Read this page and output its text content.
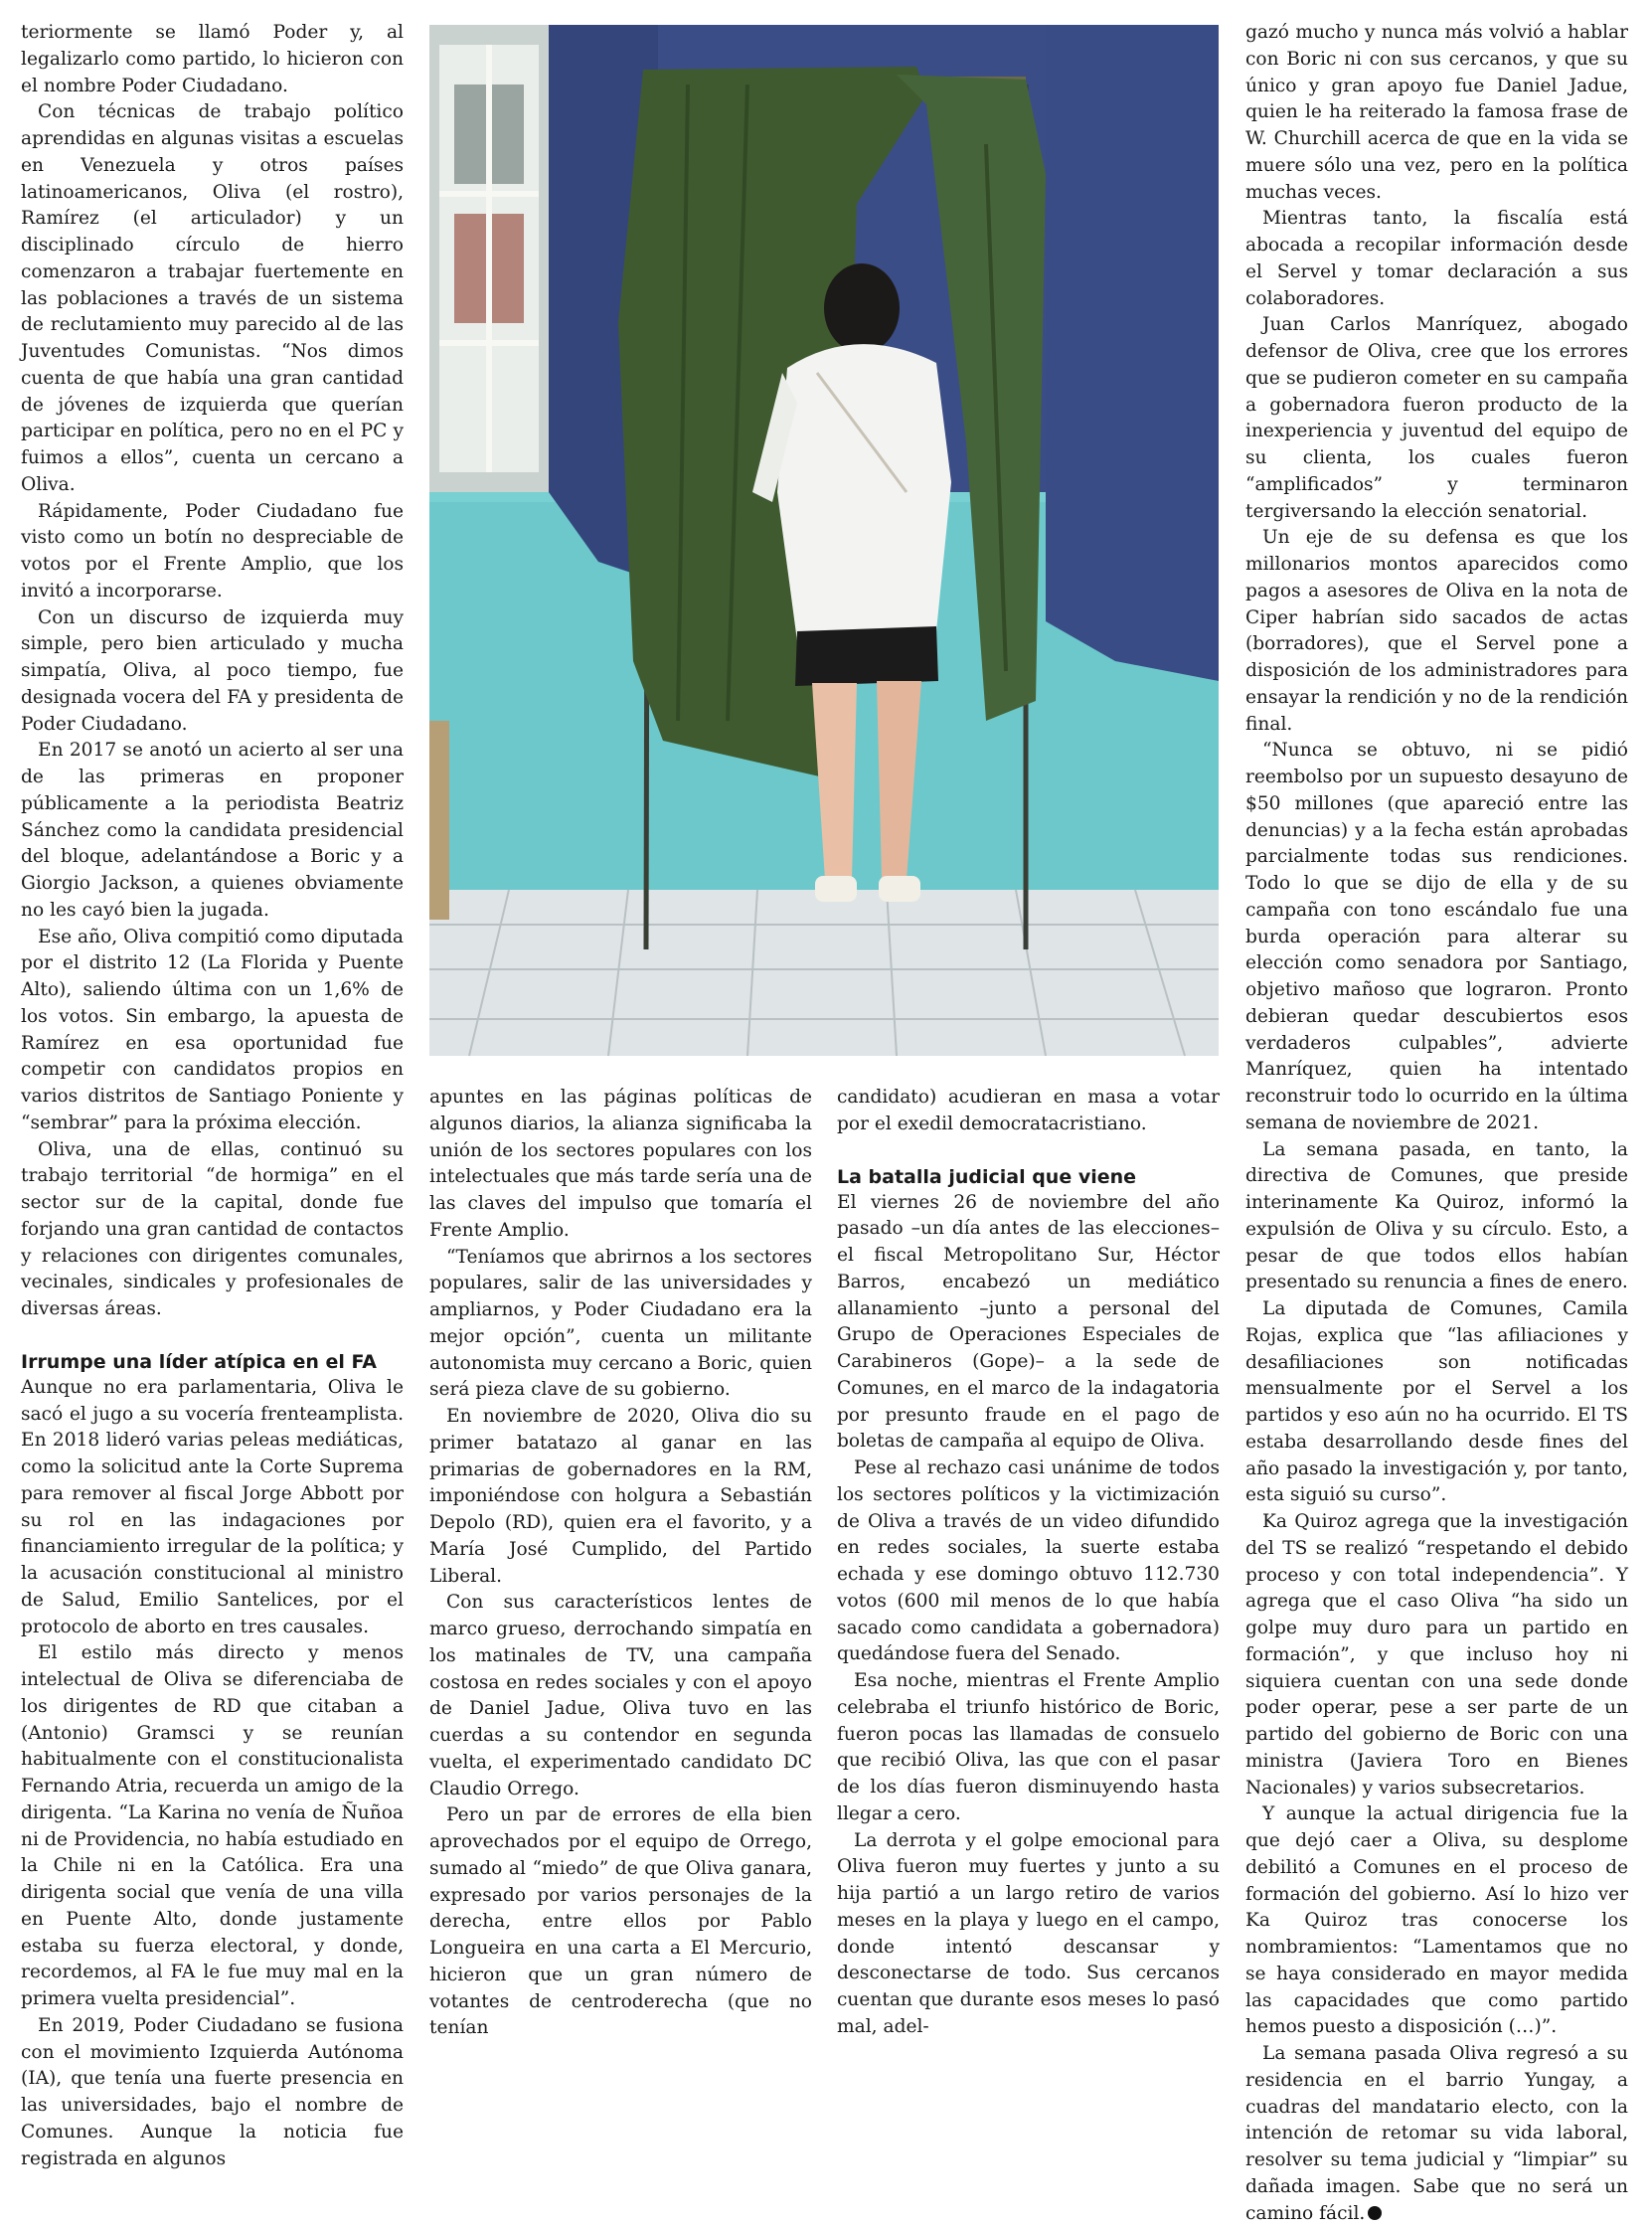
teriormente se llamó Poder y, al legalizarlo como partido, lo hicieron con el nombre Poder Ciudadano.

Con técnicas de trabajo político aprendidas en algunas visitas a escuelas en Venezuela y otros países latinoamericanos, Oliva (el rostro), Ramírez (el articulador) y un disciplinado círculo de hierro comenzaron a trabajar fuertemente en las poblaciones a través de un sistema de reclutamiento muy parecido al de las Juventudes Comunistas. “Nos dimos cuenta de que había una gran cantidad de jóvenes de izquierda que querían participar en política, pero no en el PC y fuimos a ellos”, cuenta un cercano a Oliva.

Rápidamente, Poder Ciudadano fue visto como un botín no despreciable de votos por el Frente Amplio, que los invitó a incorporarse.

Con un discurso de izquierda muy simple, pero bien articulado y mucha simpatía, Oliva, al poco tiempo, fue designada vocera del FA y presidenta de Poder Ciudadano.

En 2017 se anotó un acierto al ser una de las primeras en proponer públicamente a la periodista Beatriz Sánchez como la candidata presidencial del bloque, adelantándose a Boric y a Giorgio Jackson, a quienes obviamente no les cayó bien la jugada.

Ese año, Oliva compitió como diputada por el distrito 12 (La Florida y Puente Alto), saliendo última con un 1,6% de los votos. Sin embargo, la apuesta de Ramírez en esa oportunidad fue competir con candidatos propios en varios distritos de Santiago Poniente y “sembrar” para la próxima elección.

Oliva, una de ellas, continuó su trabajo territorial “de hormiga” en el sector sur de la capital, donde fue forjando una gran cantidad de contactos y relaciones con dirigentes comunales, vecinales, sindicales y profesionales de diversas áreas.

Irrumpe una líder atípica en el FA

Aunque no era parlamentaria, Oliva le sacó el jugo a su vocería frenteamplista. En 2018 lideró varias peleas mediáticas, como la solicitud ante la Corte Suprema para remover al fiscal Jorge Abbott por su rol en las indagaciones por financiamiento irregular de la política; y la acusación constitucional al ministro de Salud, Emilio Santelices, por el protocolo de aborto en tres causales.

El estilo más directo y menos intelectual de Oliva se diferenciaba de los dirigentes de RD que citaban a (Antonio) Gramsci y se reunían habitualmente con el constitucionalista Fernando Atria, recuerda un amigo de la dirigenta. “La Karina no venía de Ñuñoa ni de Providencia, no había estudiado en la Chile ni en la Católica. Era una dirigenta social que venía de una villa en Puente Alto, donde justamente estaba su fuerza electoral, y donde, recordemos, al FA le fue muy mal en la primera vuelta presidencial”.

En 2019, Poder Ciudadano se fusiona con el movimiento Izquierda Autónoma (IA), que tenía una fuerte presencia en las universidades, bajo el nombre de Comunes. Aunque la noticia fue registrada en algunos

apuntes en las páginas políticas de algunos diarios, la alianza significaba la unión de los sectores populares con los intelectuales que más tarde sería una de las claves del impulso que tomaría el Frente Amplio.

“Teníamos que abrirnos a los sectores populares, salir de las universidades y ampliarnos, y Poder Ciudadano era la mejor opción”, cuenta un militante autonomista muy cercano a Boric, quien será pieza clave de su gobierno.

En noviembre de 2020, Oliva dio su primer batatazo al ganar en las primarias de gobernadores en la RM, imponiéndose con holgura a Sebastián Depolo (RD), quien era el favorito, y a María José Cumplido, del Partido Liberal.

Con sus característicos lentes de marco grueso, derrochando simpatía en los matinales de TV, una campaña costosa en redes sociales y con el apoyo de Daniel Jadue, Oliva tuvo en las cuerdas a su contendor en segunda vuelta, el experimentado candidato DC Claudio Orrego.

Pero un par de errores de ella bien aprovechados por el equipo de Orrego, sumado al “miedo” de que Oliva ganara, expresado por varios personajes de la derecha, entre ellos por Pablo Longueira en una carta a El Mercurio, hicieron que un gran número de votantes de centroderecha (que no tenían

candidato) acudieran en masa a votar por el exedil democratacristiano.

La batalla judicial que viene

El viernes 26 de noviembre del año pasado –un día antes de las elecciones– el fiscal Metropolitano Sur, Héctor Barros, encabezó un mediático allanamiento –junto a personal del Grupo de Operaciones Especiales de Carabineros (Gope)– a la sede de Comunes, en el marco de la indagatoria por presunto fraude en el pago de boletas de campaña al equipo de Oliva.

Pese al rechazo casi unánime de todos los sectores políticos y la victimización de Oliva a través de un video difundido en redes sociales, la suerte estaba echada y ese domingo obtuvo 112.730 votos (600 mil menos de lo que había sacado como candidata a gobernadora) quedándose fuera del Senado.

Esa noche, mientras el Frente Amplio celebraba el triunfo histórico de Boric, fueron pocas las llamadas de consuelo que recibió Oliva, las que con el pasar de los días fueron disminuyendo hasta llegar a cero.

La derrota y el golpe emocional para Oliva fueron muy fuertes y junto a su hija partió a un largo retiro de varios meses en la playa y luego en el campo, donde intentó descansar y desconectarse de todo. Sus cercanos cuentan que durante esos meses lo pasó mal, adel-

gazó mucho y nunca más volvió a hablar con Boric ni con sus cercanos, y que su único y gran apoyo fue Daniel Jadue, quien le ha reiterado la famosa frase de W. Churchill acerca de que en la vida se muere sólo una vez, pero en la política muchas veces.

Mientras tanto, la fiscalía está abocada a recopilar información desde el Servel y tomar declaración a sus colaboradores.

Juan Carlos Manríquez, abogado defensor de Oliva, cree que los errores que se pudieron cometer en su campaña a gobernadora fueron producto de la inexperiencia y juventud del equipo de su clienta, los cuales fueron “amplificados” y terminaron tergiversando la elección senatorial.

Un eje de su defensa es que los millonarios montos aparecidos como pagos a asesores de Oliva en la nota de Ciper habrían sido sacados de actas (borradores), que el Servel pone a disposición de los administradores para ensayar la rendición y no de la rendición final.

“Nunca se obtuvo, ni se pidió reembolso por un supuesto desayuno de $50 millones (que apareció entre las denuncias) y a la fecha están aprobadas parcialmente todas sus rendiciones. Todo lo que se dijo de ella y de su campaña con tono escándalo fue una burda operación para alterar su elección como senadora por Santiago, objetivo mañoso que lograron. Pronto debieran quedar descubiertos esos verdaderos culpables”, advierte Manríquez, quien ha intentado reconstruir todo lo ocurrido en la última semana de noviembre de 2021.

La semana pasada, en tanto, la directiva de Comunes, que preside interinamente Ka Quiroz, informó la expulsión de Oliva y su círculo. Esto, a pesar de que todos ellos habían presentado su renuncia a fines de enero.

La diputada de Comunes, Camila Rojas, explica que “las afiliaciones y desafiliaciones son notificadas mensualmente por el Servel a los partidos y eso aún no ha ocurrido. El TS estaba desarrollando desde fines del año pasado la investigación y, por tanto, esta siguió su curso”.

Ka Quiroz agrega que la investigación del TS se realizó “respetando el debido proceso y con total independencia”. Y agrega que el caso Oliva “ha sido un golpe muy duro para un partido en formación”, y que incluso hoy ni siquiera cuentan con una sede donde poder operar, pese a ser parte de un partido del gobierno de Boric con una ministra (Javiera Toro en Bienes Nacionales) y varios subsecretarios.

Y aunque la actual dirigencia fue la que dejó caer a Oliva, su desplome debilitó a Comunes en el proceso de formación del gobierno. Así lo hizo ver Ka Quiroz tras conocerse los nombramientos: “Lamentamos que no se haya considerado en mayor medida las capacidades que como partido hemos puesto a disposición (…)”.

La semana pasada Oliva regresó a su residencia en el barrio Yungay, a cuadras del mandatario electo, con la intención de retomar su vida laboral, resolver su tema judicial y “limpiar” su dañada imagen. Sabe que no será un camino fácil.
